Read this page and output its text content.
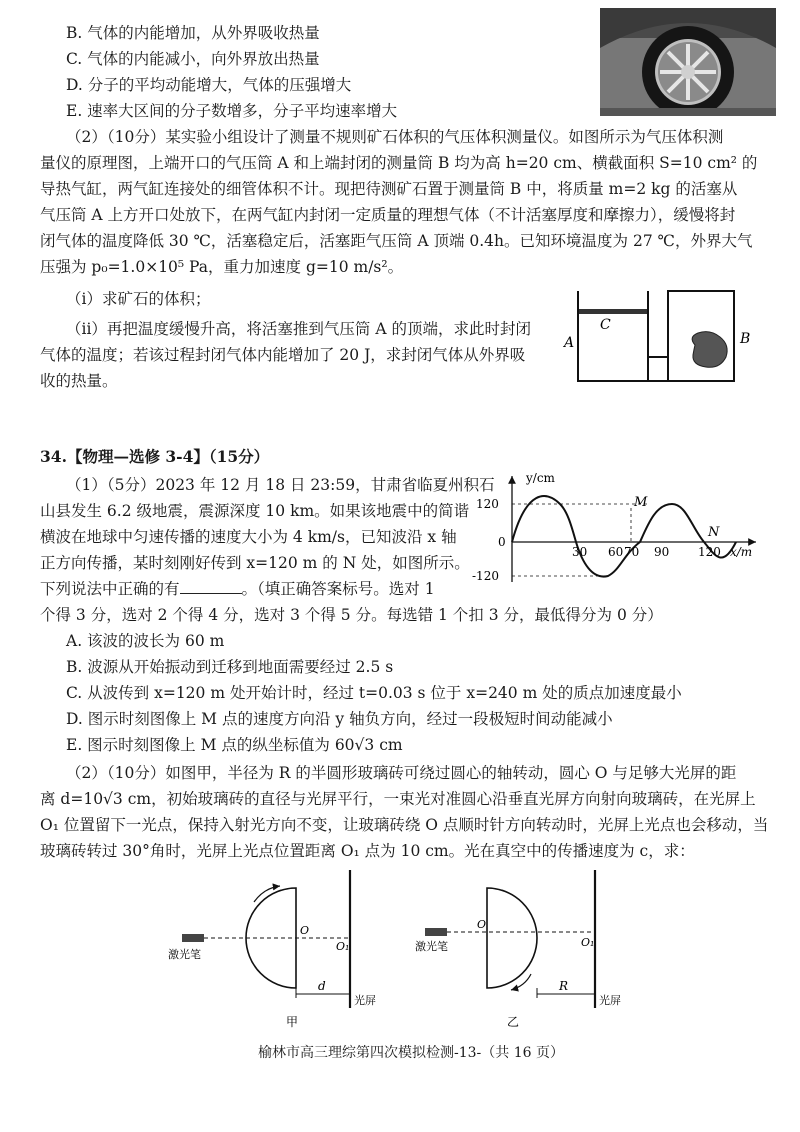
B. 气体的内能增加，从外界吸收热量
C. 气体的内能减小，向外界放出热量
D. 分子的平均动能增大，气体的压强增大
E. 速率大区间的分子数增多，分子平均速率增大
（2）（10分）某实验小组设计了测量不规则矿石体积的气压体积测量仪。如图所示为气压体积测
量仪的原理图，上端开口的气压筒 A 和上端封闭的测量筒 B 均为高 h=20 cm、横截面积 S=10 cm² 的
导热气缸，两气缸连接处的细管体积不计。现把待测矿石置于测量筒 B 中，将质量 m=2 kg 的活塞从
气压筒 A 上方开口处放下，在两气缸内封闭一定质量的理想气体（不计活塞厚度和摩擦力），缓慢将封
闭气体的温度降低 30 ℃，活塞稳定后，活塞距气压筒 A 顶端 0.4h。已知环境温度为 27 ℃，外界大气
压强为 p₀=1.0×10⁵ Pa，重力加速度 g=10 m/s²。
（i）求矿石的体积；
（ii）再把温度缓慢升高，将活塞推到气压筒 A 的顶端，求此时封闭
气体的温度；若该过程封闭气体内能增加了 20 J，求封闭气体从外界吸
收的热量。
C
A	B
34.【物理—选修 3-4】（15分）
（1）（5分）2023 年 12 月 18 日 23:59，甘肃省临夏州积石
山县发生 6.2 级地震，震源深度 10 km。如果该地震中的简谐
横波在地球中匀速传播的速度大小为 4 km/s，已知波沿 x 轴
正方向传播，某时刻刚好传到 x=120 m 的 N 处，如图所示。
下列说法中正确的有	。（填正确答案标号。选对 1
个得 3 分，选对 2 个得 4 分，选对 3 个得 5 分。每选错 1 个扣 3 分，最低得分为 0 分）
y/cm
x/m
120
0
-120
30 60 70 90 120
M
N
A. 该波的波长为 60 m
B. 波源从开始振动到迁移到地面需要经过 2.5 s
C. 从波传到 x=120 m 处开始计时，经过 t=0.03 s 位于 x=240 m 处的质点加速度最小
D. 图示时刻图像上 M 点的速度方向沿 y 轴负方向，经过一段极短时间动能减小
E. 图示时刻图像上 M 点的纵坐标值为 60√3 cm
（2）（10分）如图甲，半径为 R 的半圆形玻璃砖可绕过圆心的轴转动，圆心 O 与足够大光屏的距
离 d=10√3 cm，初始玻璃砖的直径与光屏平行，一束光对准圆心沿垂直光屏方向射向玻璃砖，在光屏上
O₁ 位置留下一光点，保持入射光方向不变，让玻璃砖绕 O 点顺时针方向转动时，光屏上光点也会移动，当
玻璃砖转过 30°角时，光屏上光点位置距离 O₁ 点为 10 cm。光在真空中的传播速度为 c，求：
激光笔
O
O₁
d
光屏
甲
激光笔
O
O₁
R
光屏
乙
榆林市高三理综第四次模拟检测-13-（共 16 页）
